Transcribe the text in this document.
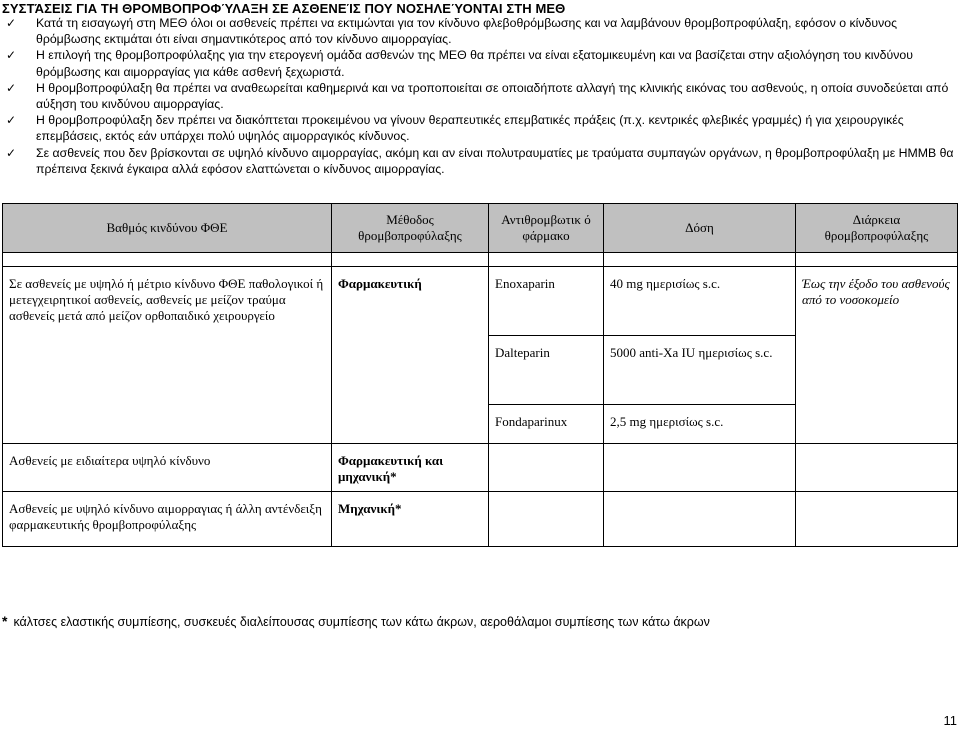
ΣΥΣΤΆΣΕΙΣ ΓΙΑ ΤΗ ΘΡΟΜΒΟΠΡΟΦΎΛΑΞΗ ΣΕ ΑΣΘΕΝΕΊΣ ΠΟΥ ΝΟΣΗΛΕΎΟΝΤΑΙ ΣΤΗ ΜΕΘ
✓ Κατά τη εισαγωγή στη ΜΕΘ όλοι οι ασθενείς πρέπει να εκτιμώνται για τον κίνδυνο φλεβοθρόμβωσης και να λαμβάνουν θρομβοπροφύλαξη, εφόσον ο κίνδυνος θρόμβωσης εκτιμάται ότι είναι σημαντικότερος από τον κίνδυνο αιμορραγίας.
✓ Η επιλογή της θρομβοπροφύλαξης για την ετερογενή ομάδα ασθενών της ΜΕΘ θα πρέπει να είναι εξατομικευμένη και να βασίζεται στην αξιολόγηση του κινδύνου θρόμβωσης και αιμορραγίας για κάθε ασθενή ξεχωριστά.
✓ Η θρομβοπροφύλαξη θα πρέπει να αναθεωρείται καθημερινά και να τροποποιείται σε οποιαδήποτε αλλαγή της κλινικής εικόνας του ασθενούς, η οποία συνοδεύεται από αύξηση του κινδύνου αιμορραγίας.
✓ Η θρομβοπροφύλαξη δεν πρέπει να διακόπτεται προκειμένου να γίνουν θεραπευτικές επεμβατικές πράξεις (π.χ. κεντρικές φλεβικές γραμμές) ή για χειρουργικές επεμβάσεις, εκτός εάν υπάρχει πολύ υψηλός αιμορραγικός κίνδυνος.
✓ Σε ασθενείς που δεν βρίσκονται σε υψηλό κίνδυνο αιμορραγίας, ακόμη και αν είναι πολυτραυματίες με τραύματα συμπαγών οργάνων, η θρομβοπροφύλαξη με ΗΜΜΒ θα πρέπεινα ξεκινά έγκαιρα αλλά εφόσον ελαττώνεται ο κίνδυνος αιμορραγίας.
Βαθμός κινδύνου ΦΘΕ	Μέθοδος θρομβοπροφύλαξης	Αντιθρομβωτικ ό φάρμακο	Δόση	Διάρκεια θρομβοπροφύλαξης

Σε ασθενείς με υψηλό ή μέτριο κίνδυνο ΦΘΕ παθολογικοί ή μετεγχειρητικοί ασθενείς, ασθενείς με μείζον τραύμα ασθενείς μετά από μείζον ορθοπαιδικό χειρουργείο	Φαρμακευτική	Enoxaparin	40 mg ημερισίως s.c.	Έως την έξοδο του ασθενούς από το νοσοκομείο

		Dalteparin	5000 anti-Xa IU ημερισίως s.c.	

		Fondaparinux	2,5 mg ημερισίως s.c.	

Ασθενείς με ειδιαίτερα υψηλό κίνδυνο	Φαρμακευτική και μηχανική*			

Ασθενείς με υψηλό κίνδυνο αιμορραγιας ή άλλη αντένδειξη φαρμακευτικής θρομβοπροφύλαξης	Μηχανική*			

* κάλτσες ελαστικής συμπίεσης, συσκευές διαλείπουσας συμπίεσης των κάτω άκρων, αεροθάλαμοι συμπίεσης των κάτω άκρων
11
